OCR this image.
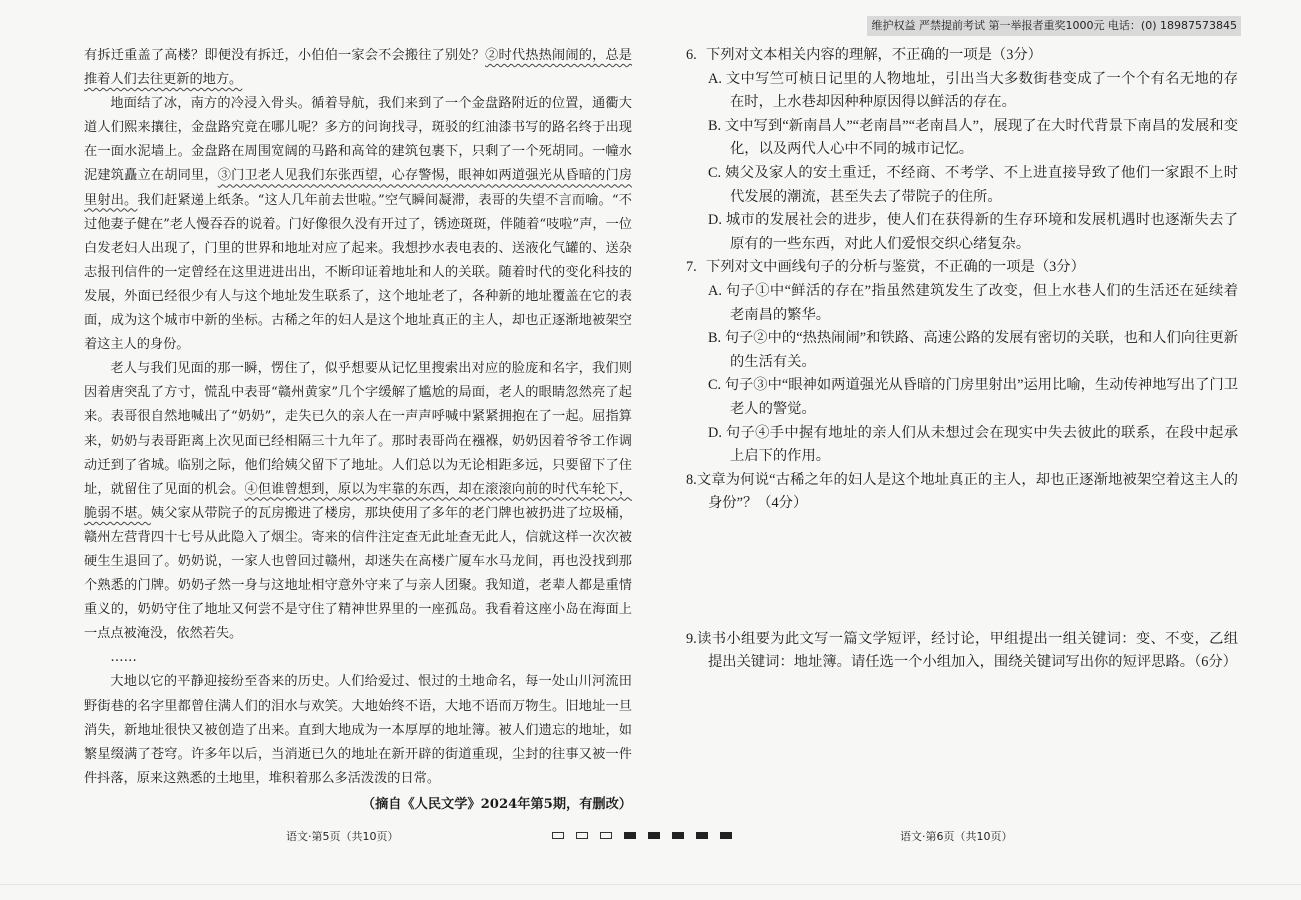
维护权益 严禁提前考试 第一举报者重奖1000元 电话：(0) 18987573845

有拆迁重盖了高楼？即便没有拆迁，小伯伯一家会不会搬往了别处？②时代热热闹闹的，总是推着人们去往更新的地方。

地面结了冰，南方的冷浸入骨头。循着导航，我们来到了一个金盘路附近的位置，通衢大道人们熙来攘往，金盘路究竟在哪儿呢？多方的问询找寻，斑驳的红油漆书写的路名终于出现在一面水泥墙上。金盘路在周围宽阔的马路和高耸的建筑包裹下，只剩了一个死胡同。一幢水泥建筑矗立在胡同里，③门卫老人见我们东张西望，心存警惕，眼神如两道强光从昏暗的门房里射出。我们赶紧递上纸条。“这人几年前去世啦。”空气瞬间凝滞，表哥的失望不言而喻。“不过他妻子健在”老人慢吞吞的说着。门好像很久没有开过了，锈迹斑斑，伴随着“吱啦”声，一位白发老妇人出现了，门里的世界和地址对应了起来。我想抄水表电表的、送液化气罐的、送杂志报刊信件的一定曾经在这里进进出出，不断印证着地址和人的关联。随着时代的变化科技的发展，外面已经很少有人与这个地址发生联系了，这个地址老了，各种新的地址覆盖在它的表面，成为这个城市中新的坐标。古稀之年的妇人是这个地址真正的主人，却也正逐渐地被架空着这主人的身份。

老人与我们见面的那一瞬，愣住了，似乎想要从记忆里搜索出对应的脸庞和名字，我们则因着唐突乱了方寸，慌乱中表哥“赣州黄家”几个字缓解了尴尬的局面，老人的眼睛忽然亮了起来。表哥很自然地喊出了“奶奶”，走失已久的亲人在一声声呼喊中紧紧拥抱在了一起。屈指算来，奶奶与表哥距离上次见面已经相隔三十九年了。那时表哥尚在襁褓，奶奶因着爷爷工作调动迁到了省城。临别之际，他们给姨父留下了地址。人们总以为无论相距多远，只要留下了住址，就留住了见面的机会。④但谁曾想到，原以为牢靠的东西，却在滚滚向前的时代车轮下，脆弱不堪。姨父家从带院子的瓦房搬进了楼房，那块使用了多年的老门牌也被扔进了垃圾桶，赣州左营背四十七号从此隐入了烟尘。寄来的信件注定查无此址查无此人，信就这样一次次被硬生生退回了。奶奶说，一家人也曾回过赣州，却迷失在高楼广厦车水马龙间，再也没找到那个熟悉的门牌。奶奶孑然一身与这地址相守意外守来了与亲人团聚。我知道，老辈人都是重情重义的，奶奶守住了地址又何尝不是守住了精神世界里的一座孤岛。我看着这座小岛在海面上一点点被淹没，依然若失。

……

大地以它的平静迎接纷至沓来的历史。人们给爱过、恨过的土地命名，每一处山川河流田野街巷的名字里都曾住满人们的泪水与欢笑。大地始终不语，大地不语而万物生。旧地址一旦消失，新地址很快又被创造了出来。直到大地成为一本厚厚的地址簿。被人们遗忘的地址，如繁星缀满了苍穹。许多年以后，当消逝已久的地址在新开辟的街道重现，尘封的往事又被一件件抖落，原来这熟悉的土地里，堆积着那么多活泼泼的日常。

（摘自《人民文学》2024年第5期，有删改）

6. 下列对文本相关内容的理解，不正确的一项是（3分）

A. 文中写竺可桢日记里的人物地址，引出当大多数街巷变成了一个个有名无地的存在时，上水巷却因种种原因得以鲜活的存在。

B. 文中写到“新南昌人”“老南昌”“老南昌人”，展现了在大时代背景下南昌的发展和变化，以及两代人心中不同的城市记忆。

C. 姨父及家人的安土重迁，不经商、不考学、不上进直接导致了他们一家跟不上时代发展的潮流，甚至失去了带院子的住所。

D. 城市的发展社会的进步，使人们在获得新的生存环境和发展机遇时也逐渐失去了原有的一些东西，对此人们爱恨交织心绪复杂。

7. 下列对文中画线句子的分析与鉴赏，不正确的一项是（3分）

A. 句子①中“鲜活的存在”指虽然建筑发生了改变，但上水巷人们的生活还在延续着老南昌的繁华。

B. 句子②中的“热热闹闹”和铁路、高速公路的发展有密切的关联，也和人们向往更新的生活有关。

C. 句子③中“眼神如两道强光从昏暗的门房里射出”运用比喻，生动传神地写出了门卫老人的警觉。

D. 句子④手中握有地址的亲人们从未想过会在现实中失去彼此的联系，在段中起承上启下的作用。

8.文章为何说“古稀之年的妇人是这个地址真正的主人，却也正逐渐地被架空着这主人的身份”？（4分）

9.读书小组要为此文写一篇文学短评，经讨论，甲组提出一组关键词：变、不变，乙组提出关键词：地址簿。请任选一个小组加入，围绕关键词写出你的短评思路。（6分）

语文·第5页（共10页）	语文·第6页（共10页）
